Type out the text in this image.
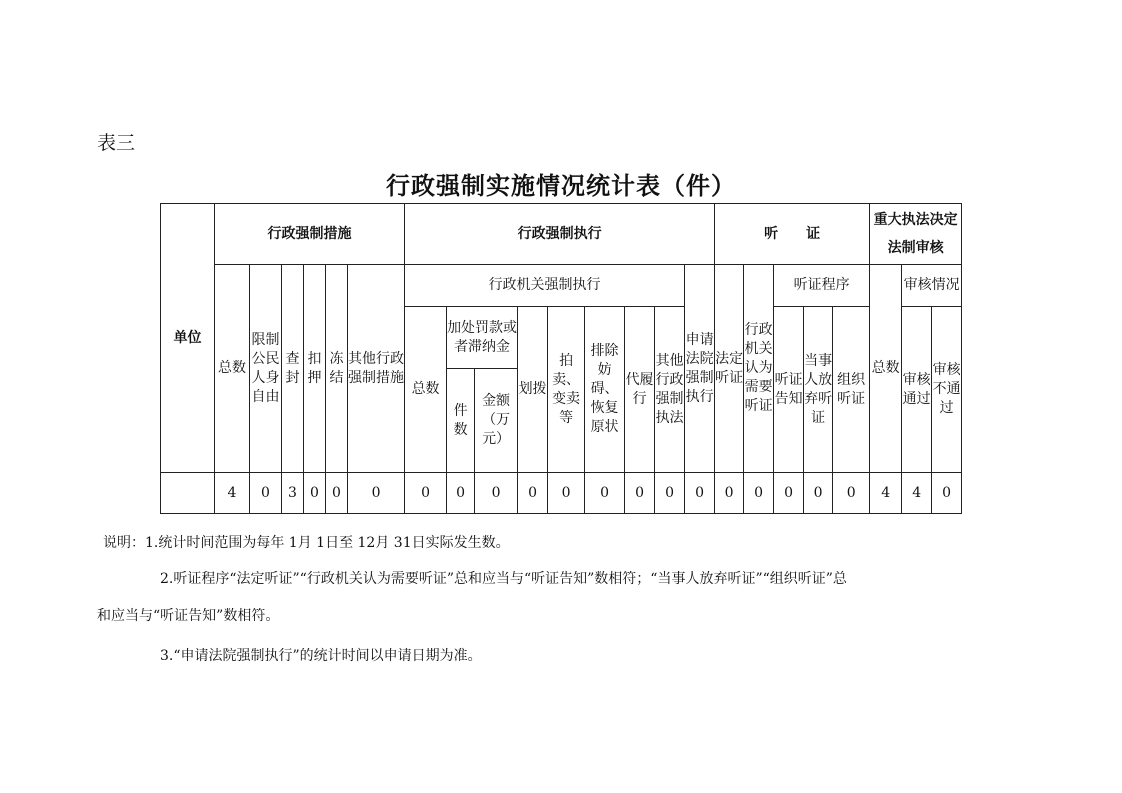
表三
行政强制实施情况统计表（件）
单位	行政强制措施						行政强制执行									听　　证					重大执法决定法制审核		
	总数	限制公民人身自由	查封	扣押	冻结	其他行政强制措施	行政机关强制执行								申请法院强制执行	法定听证	行政机关认为需要听证	听证程序			总数	审核情况	
							总数	加处罚款或者滞纳金		划拨	拍卖、变卖等	排除妨碍、恢复原状	代履行	其他行政强制执法				听证告知	当事人放弃听证	组织听证		审核通过	审核不通过
								件数	金额（万元）														
	4	0	3	0	0	0	0	0	0	0	0	0	0	0	0	0	0	0	0	0	4	4	0
说明：1.统计时间范围为每年 1月 1日至 12月 31日实际发生数。
2.听证程序“法定听证”“行政机关认为需要听证”总和应当与“听证告知”数相符；“当事人放弃听证”“组织听证”总
和应当与“听证告知”数相符。
3.“申请法院强制执行”的统计时间以申请日期为准。
